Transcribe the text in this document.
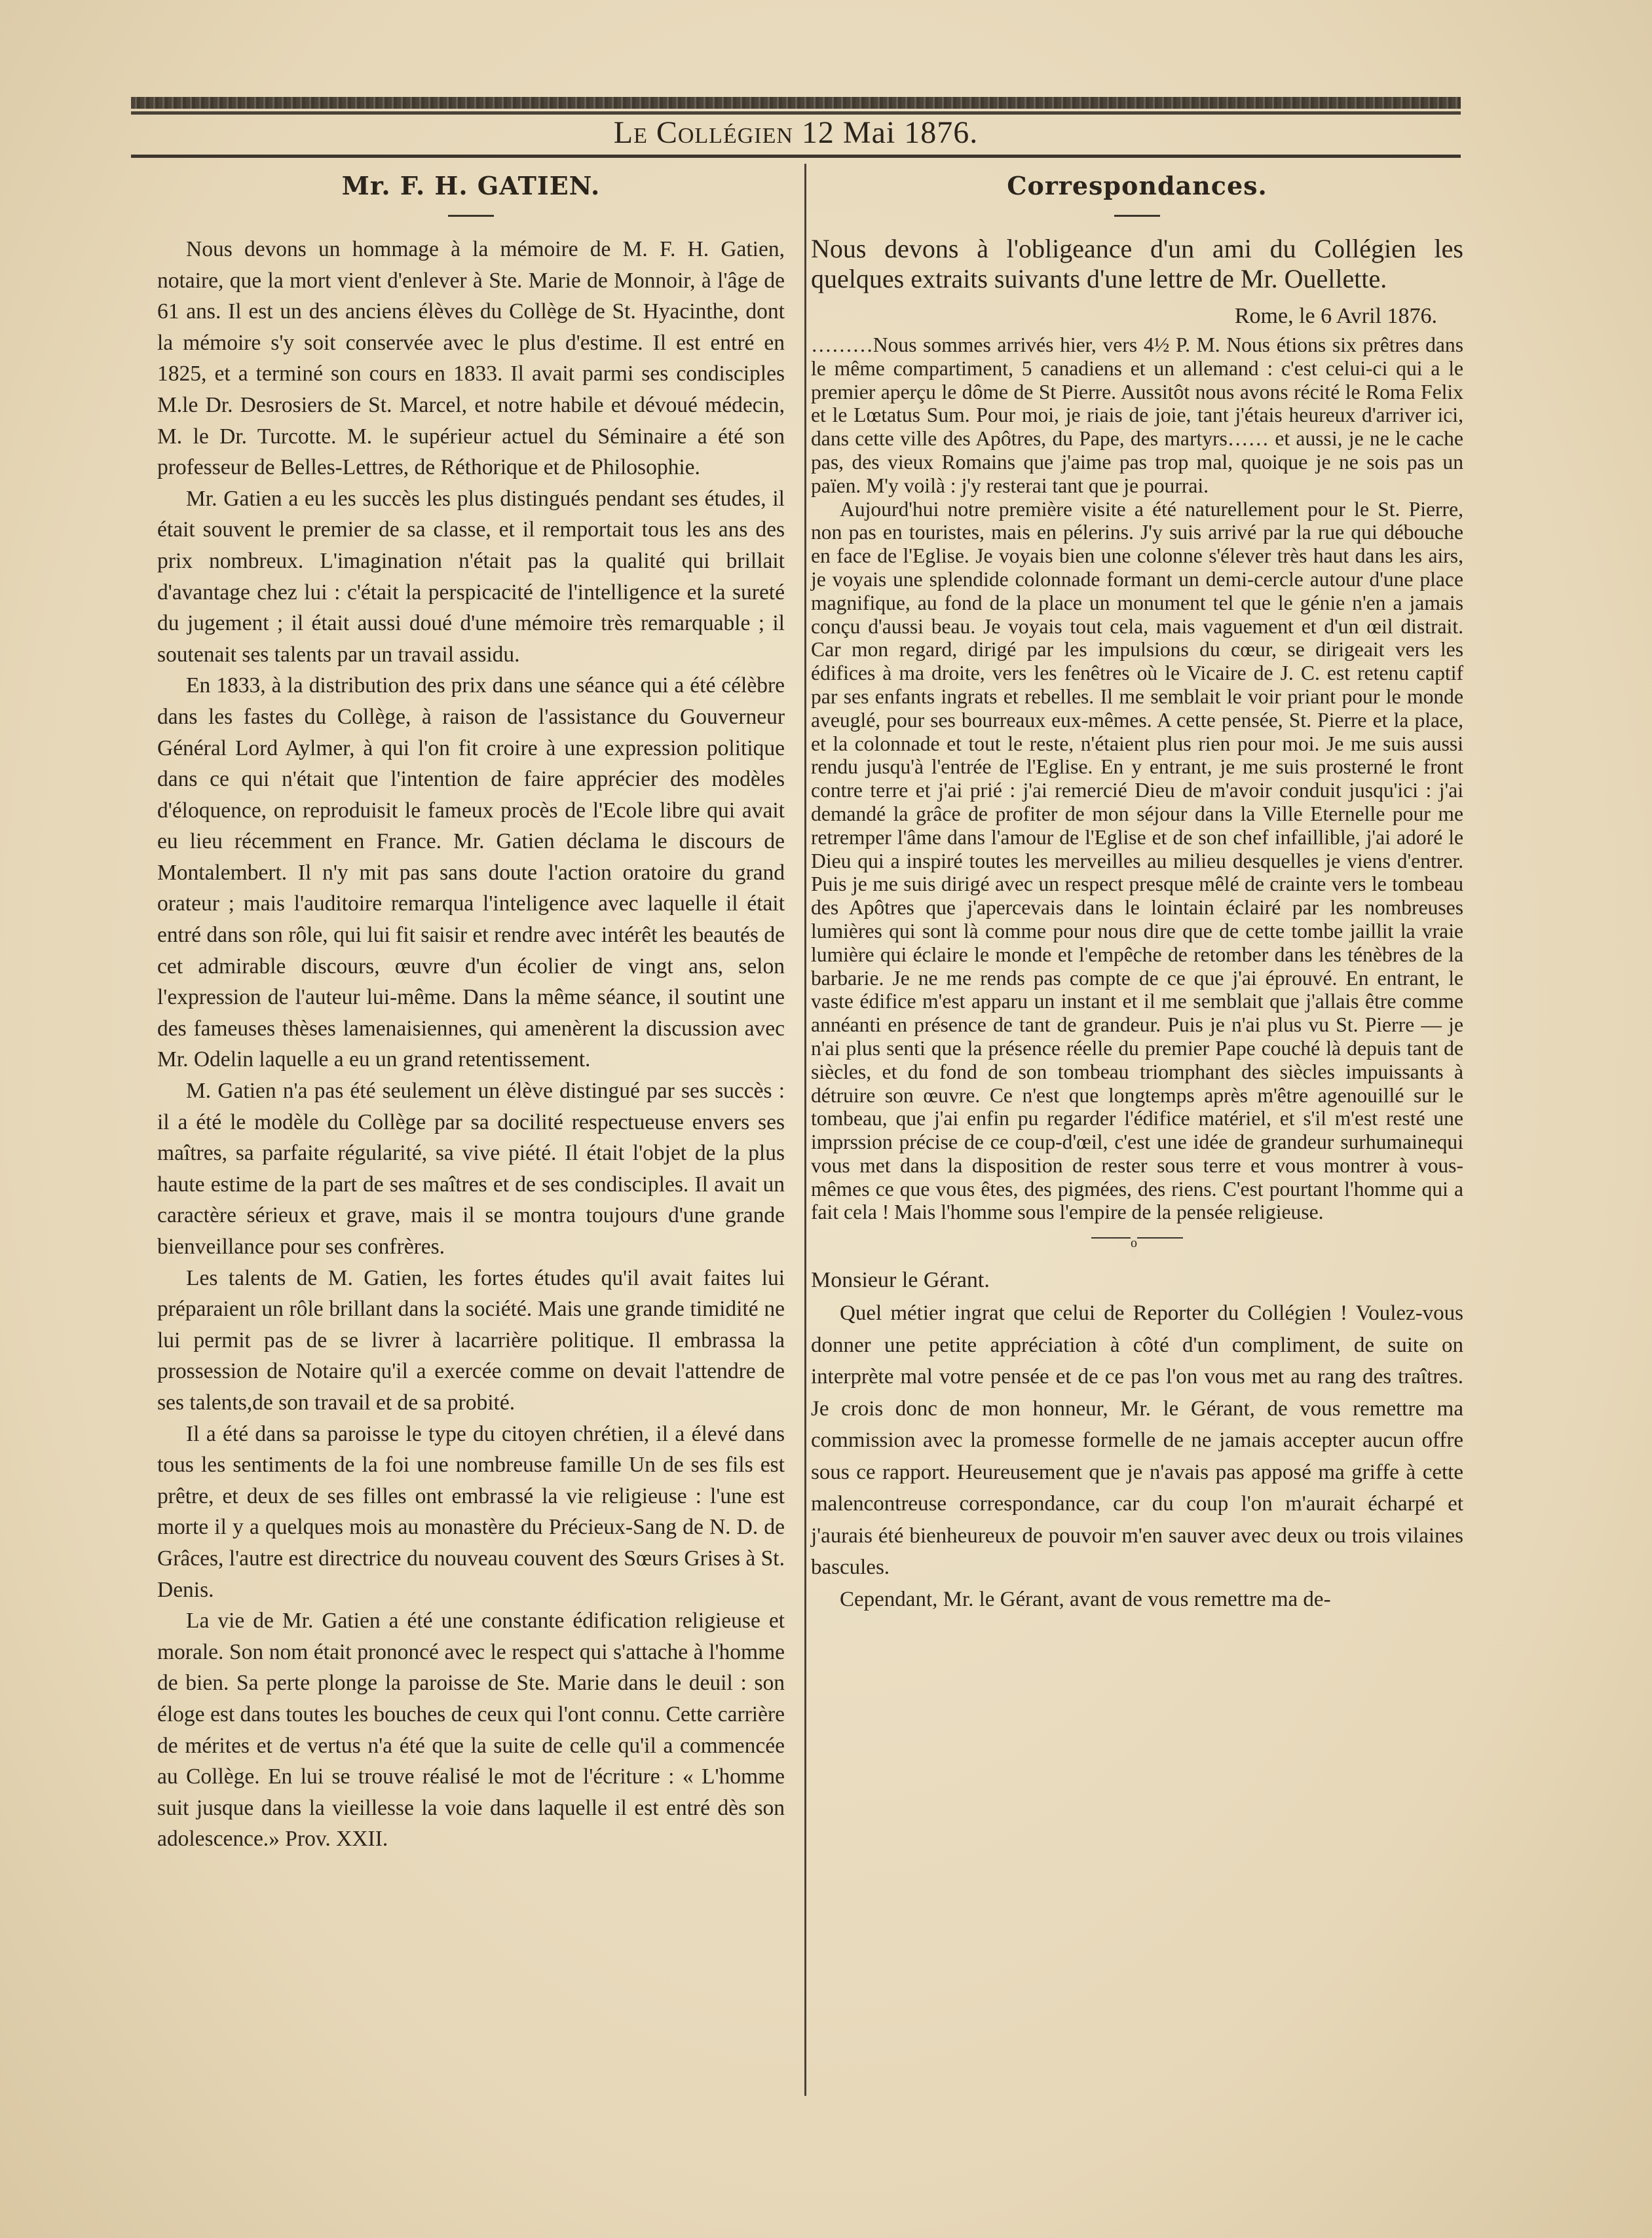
Le Collégien 12 Mai 1876.
Mr. F. H. GATIEN.

Nous devons un hommage à la mémoire de M. F. H. Gatien, notaire, que la mort vient d'enlever à Ste. Marie de Monnoir, à l'âge de 61 ans. Il est un des anciens élèves du Collège de St. Hyacinthe, dont la mémoire s'y soit conservée avec le plus d'estime. Il est entré en 1825, et a terminé son cours en 1833. Il avait parmi ses condisciples M.le Dr. Desrosiers de St. Marcel, et notre habile et dévoué médecin, M. le Dr. Turcotte. M. le supérieur actuel du Séminaire a été son professeur de Belles-Lettres, de Réthorique et de Philosophie.

Mr. Gatien a eu les succès les plus distingués pendant ses études, il était souvent le premier de sa classe, et il remportait tous les ans des prix nombreux. L'imagination n'était pas la qualité qui brillait d'avantage chez lui : c'était la perspicacité de l'intelligence et la sureté du jugement ; il était aussi doué d'une mémoire très remarquable ; il soutenait ses talents par un travail assidu.

En 1833, à la distribution des prix dans une séance qui a été célèbre dans les fastes du Collège, à raison de l'assistance du Gouverneur Général Lord Aylmer, à qui l'on fit croire à une expression politique dans ce qui n'était que l'intention de faire apprécier des modèles d'éloquence, on reproduisit le fameux procès de l'Ecole libre qui avait eu lieu récemment en France. Mr. Gatien déclama le discours de Montalembert. Il n'y mit pas sans doute l'action oratoire du grand orateur ; mais l'auditoire remarqua l'inteligence avec laquelle il était entré dans son rôle, qui lui fit saisir et rendre avec intérêt les beautés de cet admirable discours, œuvre d'un écolier de vingt ans, selon l'expression de l'auteur lui-même. Dans la même séance, il soutint une des fameuses thèses lamenaisiennes, qui amenèrent la discussion avec Mr. Odelin laquelle a eu un grand retentissement.

M. Gatien n'a pas été seulement un élève distingué par ses succès : il a été le modèle du Collège par sa docilité respectueuse envers ses maîtres, sa parfaite régularité, sa vive piété. Il était l'objet de la plus haute estime de la part de ses maîtres et de ses condisciples. Il avait un caractère sérieux et grave, mais il se montra toujours d'une grande bienveillance pour ses confrères.

Les talents de M. Gatien, les fortes études qu'il avait faites lui préparaient un rôle brillant dans la société. Mais une grande timidité ne lui permit pas de se livrer à lacarrière politique. Il embrassa la prossession de Notaire qu'il a exercée comme on devait l'attendre de ses talents,de son travail et de sa probité.

Il a été dans sa paroisse le type du citoyen chrétien, il a élevé dans tous les sentiments de la foi une nombreuse famille Un de ses fils est prêtre, et deux de ses filles ont embrassé la vie religieuse : l'une est morte il y a quelques mois au monastère du Précieux-Sang de N. D. de Grâces, l'autre est directrice du nouveau couvent des Sœurs Grises à St. Denis.

La vie de Mr. Gatien a été une constante édification religieuse et morale. Son nom était prononcé avec le respect qui s'attache à l'homme de bien. Sa perte plonge la paroisse de Ste. Marie dans le deuil : son éloge est dans toutes les bouches de ceux qui l'ont connu. Cette carrière de mérites et de vertus n'a été que la suite de celle qu'il a commencée au Collège. En lui se trouve réalisé le mot de l'écriture : « L'homme suit jusque dans la vieillesse la voie dans laquelle il est entré dès son adolescence.» Prov. XXII.

Correspondances.

Nous devons à l'obligeance d'un ami du Collégien les quelques extraits suivants d'une lettre de Mr. Ouellette.

Rome, le 6 Avril 1876.

………Nous sommes arrivés hier, vers 4½ P. M. Nous étions six prêtres dans le même compartiment, 5 canadiens et un allemand : c'est celui-ci qui a le premier aperçu le dôme de St Pierre. Aussitôt nous avons récité le Roma Felix et le Lœtatus Sum. Pour moi, je riais de joie, tant j'étais heureux d'arriver ici, dans cette ville des Apôtres, du Pape, des martyrs…… et aussi, je ne le cache pas, des vieux Romains que j'aime pas trop mal, quoique je ne sois pas un païen. M'y voilà : j'y resterai tant que je pourrai.

Aujourd'hui notre première visite a été naturellement pour le St. Pierre, non pas en touristes, mais en pélerins. J'y suis arrivé par la rue qui débouche en face de l'Eglise. Je voyais bien une colonne s'élever très haut dans les airs, je voyais une splendide colonnade formant un demi-cercle autour d'une place magnifique, au fond de la place un monument tel que le génie n'en a jamais conçu d'aussi beau. Je voyais tout cela, mais vaguement et d'un œil distrait. Car mon regard, dirigé par les impulsions du cœur, se dirigeait vers les édifices à ma droite, vers les fenêtres où le Vicaire de J. C. est retenu captif par ses enfants ingrats et rebelles. Il me semblait le voir priant pour le monde aveuglé, pour ses bourreaux eux-mêmes. A cette pensée, St. Pierre et la place, et la colonnade et tout le reste, n'étaient plus rien pour moi. Je me suis aussi rendu jusqu'à l'entrée de l'Eglise. En y entrant, je me suis prosterné le front contre terre et j'ai prié : j'ai remercié Dieu de m'avoir conduit jusqu'ici : j'ai demandé la grâce de profiter de mon séjour dans la Ville Eternelle pour me retremper l'âme dans l'amour de l'Eglise et de son chef infaillible, j'ai adoré le Dieu qui a inspiré toutes les merveilles au milieu desquelles je viens d'entrer. Puis je me suis dirigé avec un respect presque mêlé de crainte vers le tombeau des Apôtres que j'apercevais dans le lointain éclairé par les nombreuses lumières qui sont là comme pour nous dire que de cette tombe jaillit la vraie lumière qui éclaire le monde et l'empêche de retomber dans les ténèbres de la barbarie. Je ne me rends pas compte de ce que j'ai éprouvé. En entrant, le vaste édifice m'est apparu un instant et il me semblait que j'allais être comme annéanti en présence de tant de grandeur. Puis je n'ai plus vu St. Pierre — je n'ai plus senti que la présence réelle du premier Pape couché là depuis tant de siècles, et du fond de son tombeau triomphant des siècles impuissants à détruire son œuvre. Ce n'est que longtemps après m'être agenouillé sur le tombeau, que j'ai enfin pu regarder l'édifice matériel, et s'il m'est resté une imprssion précise de ce coup-d'œil, c'est une idée de grandeur surhumainequi vous met dans la disposition de rester sous terre et vous montrer à vous-mêmes ce que vous êtes, des pigmées, des riens. C'est pourtant l'homme qui a fait cela ! Mais l'homme sous l'empire de la pensée religieuse.

o

Monsieur le Gérant.

Quel métier ingrat que celui de Reporter du Collégien ! Voulez-vous donner une petite appréciation à côté d'un compliment, de suite on interprète mal votre pensée et de ce pas l'on vous met au rang des traîtres. Je crois donc de mon honneur, Mr. le Gérant, de vous remettre ma commission avec la promesse formelle de ne jamais accepter aucun offre sous ce rapport. Heureusement que je n'avais pas apposé ma griffe à cette malencontreuse correspondance, car du coup l'on m'aurait écharpé et j'aurais été bienheureux de pouvoir m'en sauver avec deux ou trois vilaines bascules.

Cependant, Mr. le Gérant, avant de vous remettre ma de-
